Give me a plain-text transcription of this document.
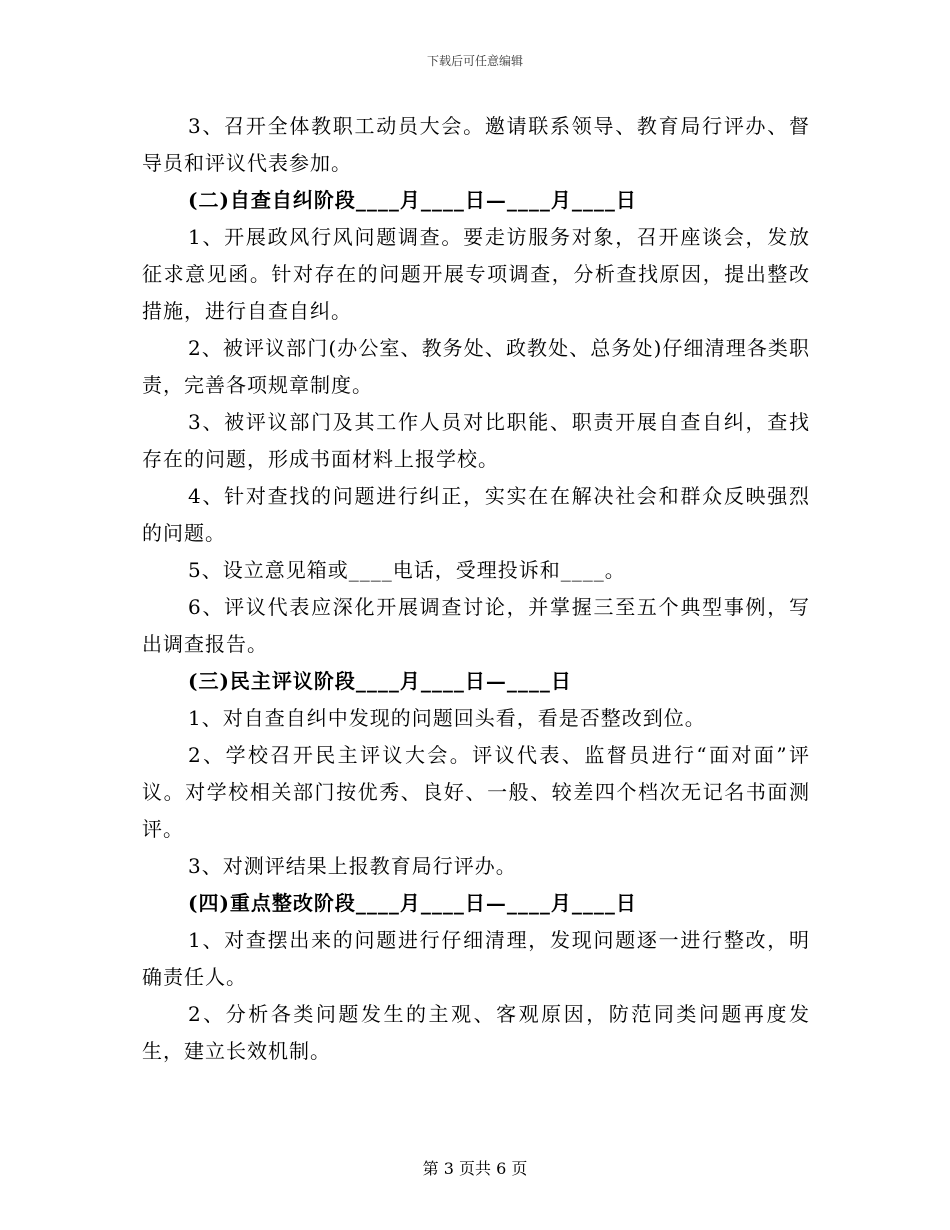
下载后可任意编辑

3、召开全体教职工动员大会。邀请联系领导、教育局行评办、督导员和评议代表参加。

(二)自查自纠阶段____月____日—____月____日

1、开展政风行风问题调查。要走访服务对象，召开座谈会，发放征求意见函。针对存在的问题开展专项调查，分析查找原因，提出整改措施，进行自查自纠。

2、被评议部门(办公室、教务处、政教处、总务处)仔细清理各类职责，完善各项规章制度。

3、被评议部门及其工作人员对比职能、职责开展自查自纠，查找存在的问题，形成书面材料上报学校。

4、针对查找的问题进行纠正，实实在在解决社会和群众反映强烈的问题。

5、设立意见箱或____电话，受理投诉和____。

6、评议代表应深化开展调查讨论，并掌握三至五个典型事例，写出调查报告。

(三)民主评议阶段____月____日—____日

1、对自查自纠中发现的问题回头看，看是否整改到位。

2、学校召开民主评议大会。评议代表、监督员进行“面对面”评议。对学校相关部门按优秀、良好、一般、较差四个档次无记名书面测评。

3、对测评结果上报教育局行评办。

(四)重点整改阶段____月____日—____月____日

1、对查摆出来的问题进行仔细清理，发现问题逐一进行整改，明确责任人。

2、分析各类问题发生的主观、客观原因，防范同类问题再度发生，建立长效机制。

第 3 页共 6 页
